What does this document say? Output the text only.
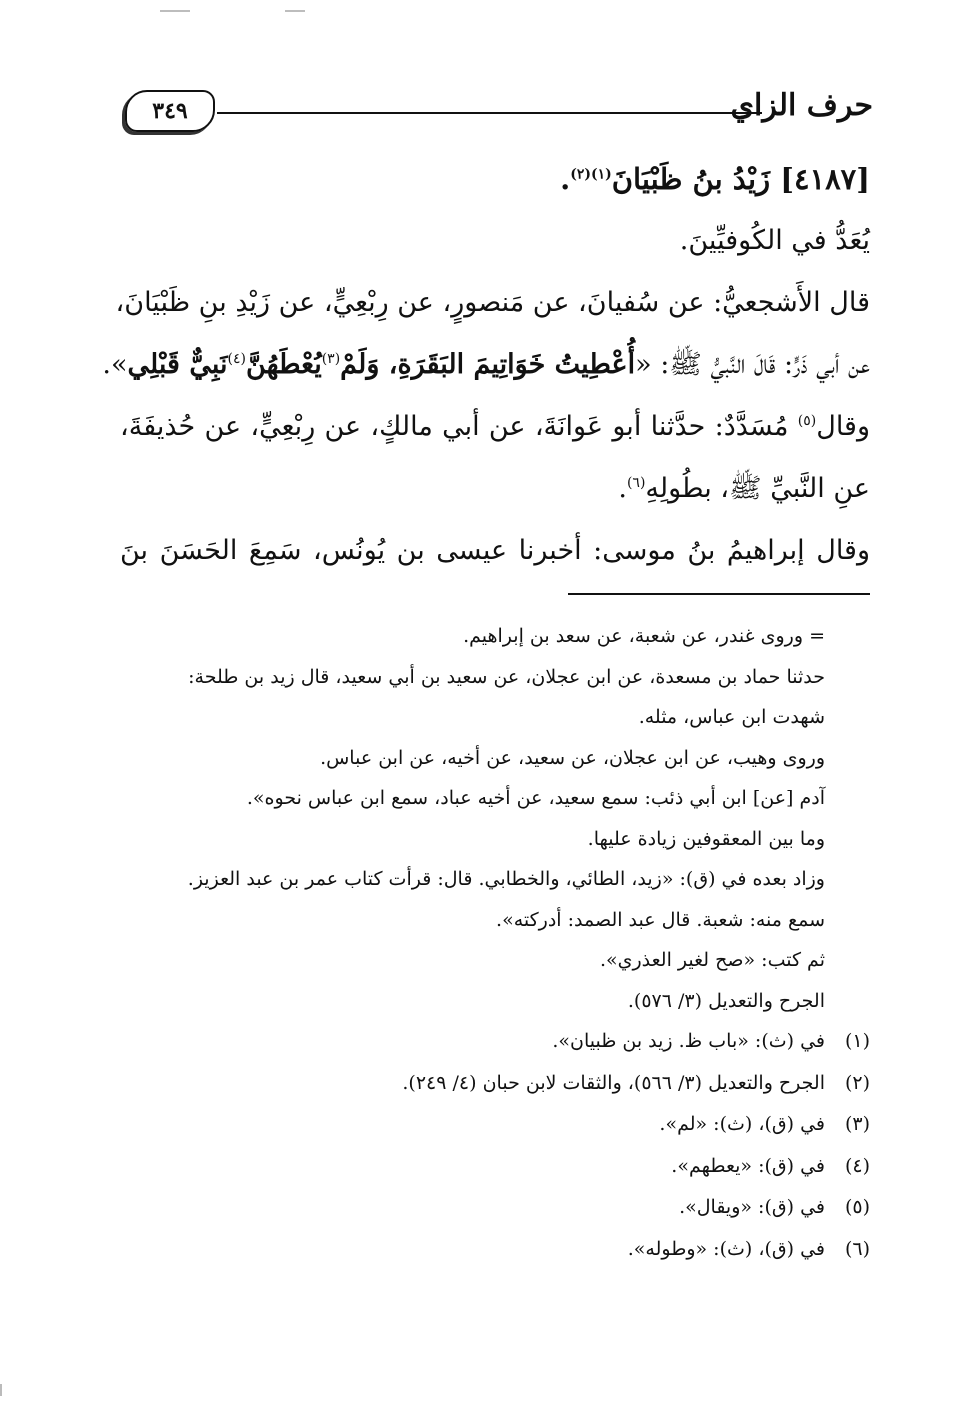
٣٤٩	حرف الزاي

[٤١٨٧] زَيْدُ بنُ ظَبْيَانَ$^{(١)(٢)}$.

يُعَدُّ في الكُوفيِّينَ.

قال الأَشجعيُّ: عن سُفيانَ، عن مَنصورٍ، عن رِبْعِيٍّ، عن زَيْدِ بنِ ظَبْيَانَ،

عن أبي ذَرٍّ: قَالَ النَّبيُّ ﷺ: «أُعْطِيتُ خَوَاتِيمَ البَقَرَةِ، وَلَمْ$^{(٣)}$يُعْطَهُنَّ$^{(٤)}$نَبِيٌّ قَبْلِي».

وقال$^{(٥)}$ مُسَدَّدٌ: حدَّثنا أبو عَوانَةَ، عن أبي مالكٍ، عن رِبْعِيٍّ، عن حُذيفَةَ،

عنِ النَّبيِّ ﷺ، بطُولِهِ$^{(٦)}$.

وقال إبراهيمُ بنُ موسى: أخبرنا عيسى بن يُونُس، سَمِعَ الحَسَنَ بنَ

= وروى غندر، عن شعبة، عن سعد بن إبراهيم.
حدثنا حماد بن مسعدة، عن ابن عجلان، عن سعيد بن أبي سعيد، قال زيد بن طلحة:
شهدت ابن عباس، مثله.
وروى وهيب، عن ابن عجلان، عن سعيد، عن أخيه، عن ابن عباس.
آدم [عن] ابن أبي ذئب: سمع سعيد، عن أخيه عباد، سمع ابن عباس نحوه».
وما بين المعقوفين زيادة عليها.
وزاد بعده في (ق): «زيد، الطائي، والخطابي. قال: قرأت كتاب عمر بن عبد العزيز.
سمع منه: شعبة. قال عبد الصمد: أدركته».
ثم كتب: «صح لغير العذري».
الجرح والتعديل (٣/ ٥٧٦).
(١)
في (ث): «باب ظ. زيد بن ظبيان».
(٢)
الجرح والتعديل (٣/ ٥٦٦)، والثقات لابن حبان (٤/ ٢٤٩).
(٣)
في (ق)، (ث): «لم».
(٤)
في (ق): «يعطهم».
(٥)
في (ق): «ويقال».
(٦)
في (ق)، (ث): «وطوله».
